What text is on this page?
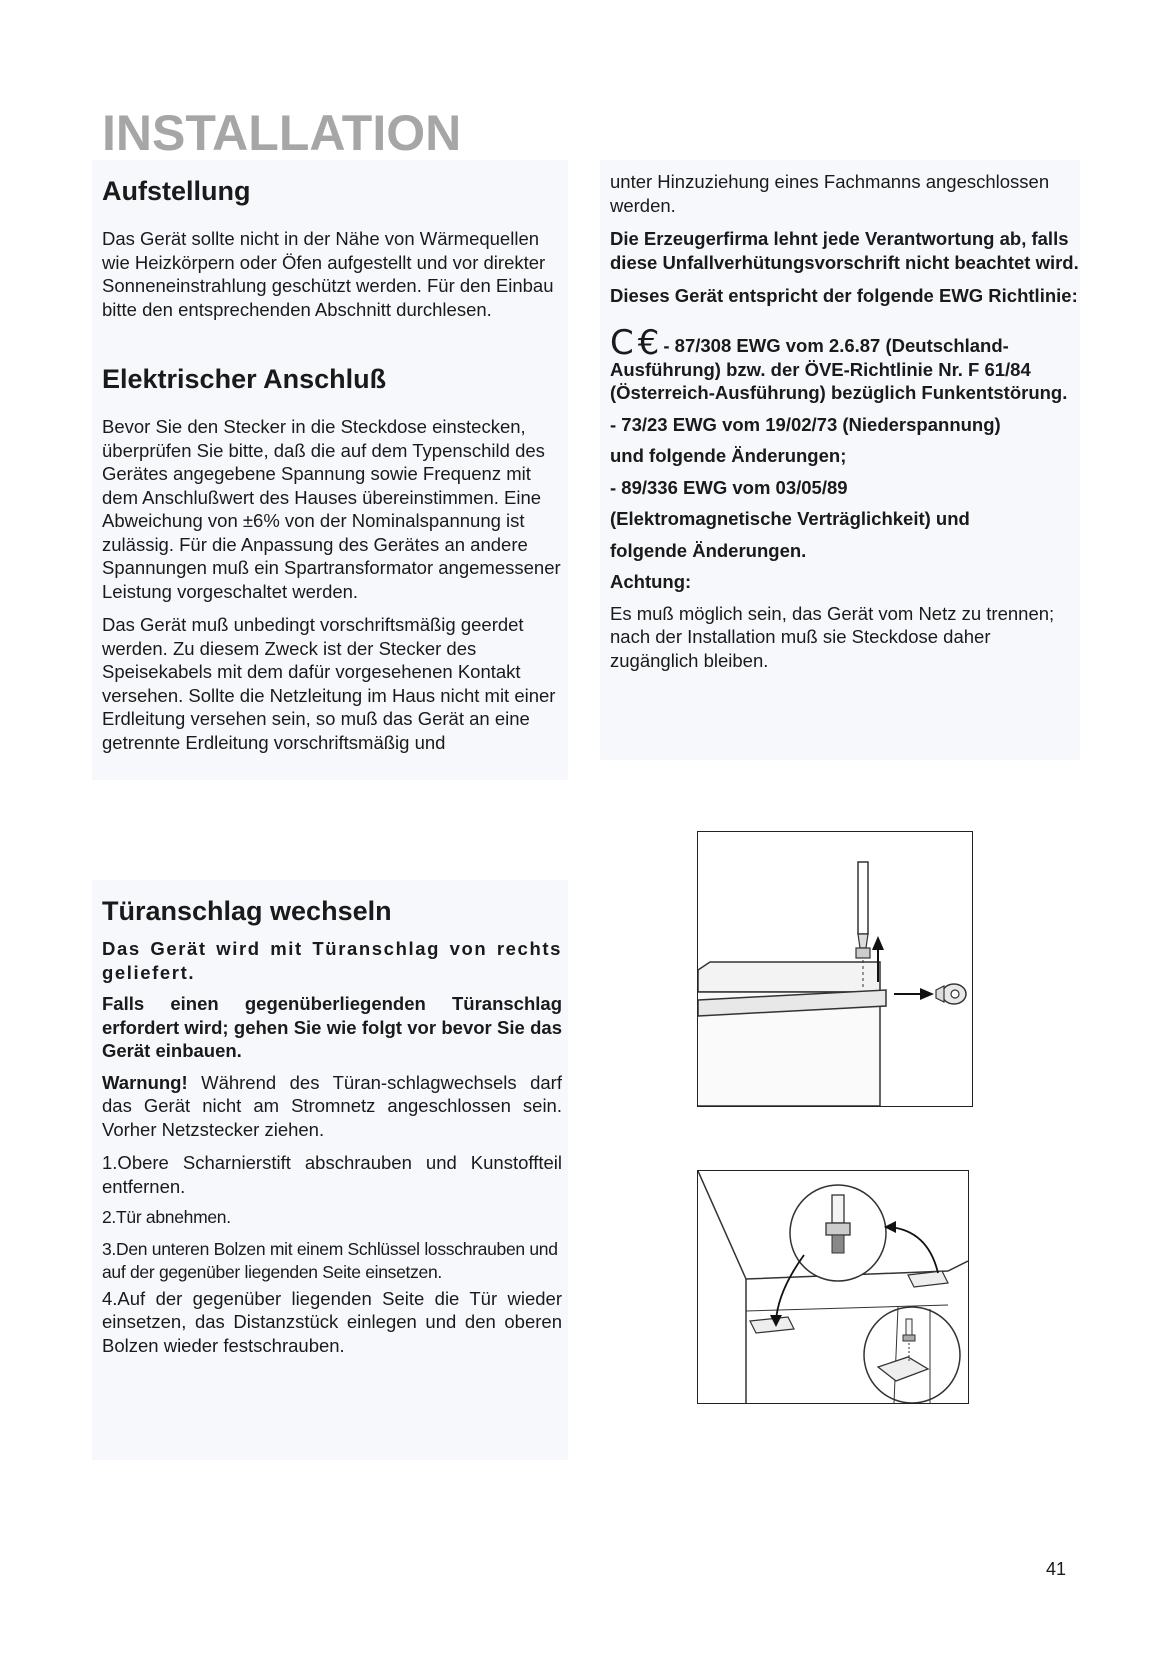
INSTALLATION
Aufstellung

Das Gerät sollte nicht in der Nähe von Wärmequellen wie Heizkörpern oder Öfen aufgestellt und vor direkter Sonneneinstrahlung geschützt werden. Für den Einbau bitte den entsprechenden Abschnitt durchlesen.

Elektrischer Anschluß

Bevor Sie den Stecker in die Steckdose einstecken, überprüfen Sie bitte, daß die auf dem Typenschild des Gerätes angegebene Spannung sowie Frequenz mit dem Anschlußwert des Hauses übereinstimmen. Eine Abweichung von ±6% von der Nominalspannung ist zulässig. Für die Anpassung des Gerätes an andere Spannungen muß ein Spartransformator angemessener Leistung vorgeschaltet werden.

Das Gerät muß unbedingt vorschriftsmäßig geerdet werden. Zu diesem Zweck ist der Stecker des Speisekabels mit dem dafür vorgesehenen Kontakt versehen. Sollte die Netzleitung im Haus nicht mit einer Erdleitung versehen sein, so muß das Gerät an eine getrennte Erdleitung vorschriftsmäßig und

unter Hinzuziehung eines Fachmanns angeschlossen werden.

Die Erzeugerfirma lehnt jede Verantwortung ab, falls diese Unfallverhütungsvorschrift nicht beachtet wird.

Dieses Gerät entspricht der folgende EWG Richtlinie:

C€- 87/308 EWG vom 2.6.87 (Deutschland-Ausführung) bzw. der ÖVE-Richtlinie Nr. F 61/84 (Österreich-Ausführung) bezüglich Funkentstörung.

- 73/23 EWG vom 19/02/73 (Niederspannung)

und folgende Änderungen;

- 89/336 EWG vom 03/05/89

(Elektromagnetische Verträglichkeit) und

folgende Änderungen.

Achtung:

Es muß möglich sein, das Gerät vom Netz zu trennen; nach der Installation muß sie Steckdose daher zugänglich bleiben.

Türanschlag wechseln

Das Gerät wird mit Türanschlag von rechts geliefert.

Falls einen gegenüberliegenden Türanschlag erfordert wird; gehen Sie wie folgt vor bevor Sie das Gerät einbauen.

Warnung! Während des Türan-schlagwechsels darf das Gerät nicht am Stromnetz angeschlossen sein. Vorher Netzstecker ziehen.

1.Obere Scharnierstift abschrauben und Kunstoffteil entfernen.

2.Tür abnehmen.

3.Den unteren Bolzen mit einem Schlüssel losschrauben und auf der gegenüber liegenden Seite einsetzen.

4.Auf der gegenüber liegenden Seite die Tür wieder einsetzen, das Distanzstück einlegen und den oberen Bolzen wieder festschrauben.

41
